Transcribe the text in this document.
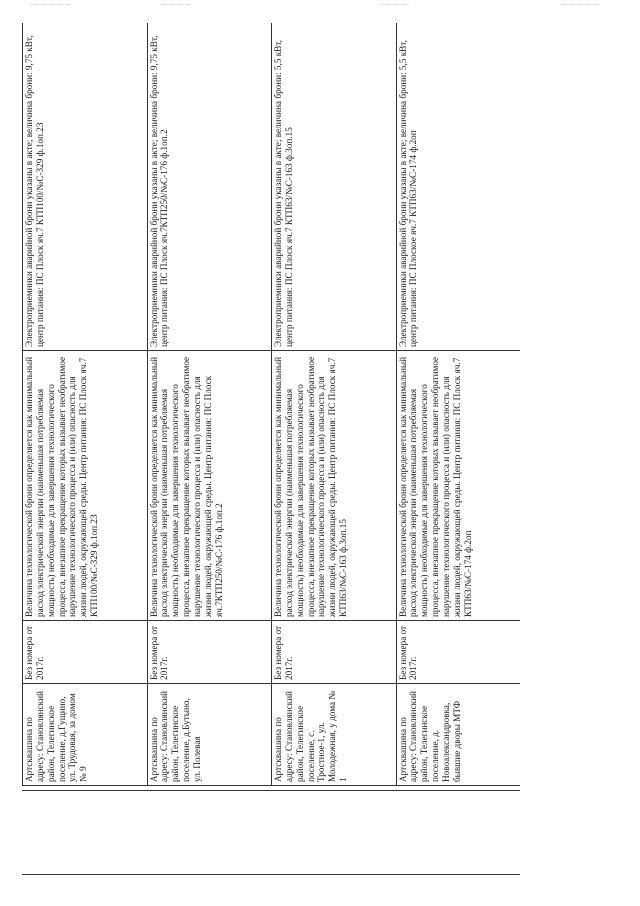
Артсквашина по адресу: Становлянский район, Телегинское поселение, д.Гущино, ул. Трудовая, за домом № 9	Без номера от 2017г.	Величина технологической брони определяется как минимальный расход электрической энергии (наименьшая потребляемая мощность) необходимые для завершения технологического процесса, внезапное прекращение которых вызывает необратимое нарушение технологического процесса и (или) опасность для жизни людей, окружающей среды. Центр питания: ПС Плоск яч.7 КТП100/№С-329 ф.1оп.23	Электроприемники аварийной брони указаны в акте; величина брони: 9,75 кВт, центр питания: ПС Плоск яч.7 КТП100/№С-329 ф.1оп.23
Артсквашина по адресу: Становлянский район, Телегинское поселение, д.Бутыно, ул. Полевая	Без номера от 2017г.	Величина технологической брони определяется как минимальный расход электрической энергии (наименьшая потребляемая мощность) необходимые для завершения технологического процесса, внезапное прекращение которых вызывает необратимое нарушение технологического процесса и (или) опасность для жизни людей, окружающей среды. Центр питания: ПС Плоск яч.7КТП250/№С-176 ф.1оп.2	Электроприемники аварийной брони указаны в акте; величина брони: 9,75 кВт, центр питания: ПС Плоск яч.7КТП250/№С-176 ф.1оп.2
Артсквашина по адресу: Становлянский район, Телегинское поселение, с. Тростное-1, ул. Молодежная, у дома № 1	Без номера от 2017г.	Величина технологической брони определяется как минимальный расход электрической энергии (наименьшая потребляемая мощность) необходимые для завершения технологического процесса, внезапное прекращение которых вызывает необратимое нарушение технологического процесса и (или) опасность для жизни людей, окружающей среды. Центр питания: ПС Плоск яч.7 КТП63/№С-163 ф.3оп.15	Электроприемники аварийной брони указаны в акте; величина брони: 5,5 кВт, центр питания: ПС Плоск яч.7 КТП63/№С-163 ф.3оп.15
Артсквашина по адресу: Становлянский район, Телегинское поселение, д. Новоалександровка, бывшие дворы МТФ	Без номера от 2017г.	Величина технологической брони определяется как минимальный расход электрической энергии (наименьшая потребляемая мощность) необходимые для завершения технологического процесса, внезапное прекращение которых вызывает необратимое нарушение технологического процесса и (или) опасность для жизни людей, окружающей среды. Центр питания: ПС Плоск яч.7 КТП63/№С-174 ф.2оп	Электроприемники аварийной брони указаны в акте; величина брони: 5,5 кВт, центр питания: ПС Плоское яч.7 КТП63/№С-174 ф.2оп
